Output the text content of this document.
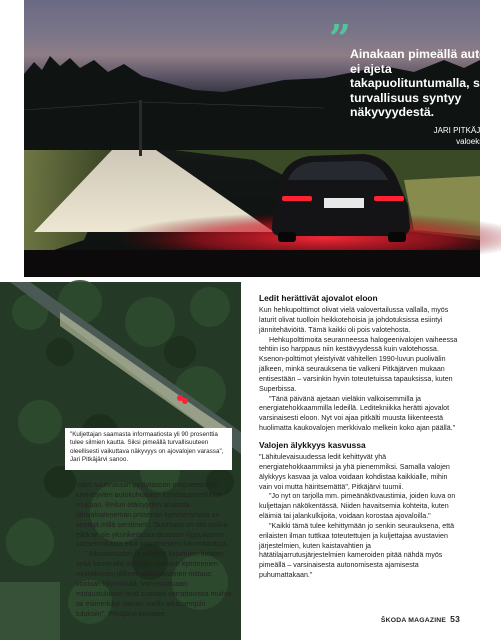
” Ainakaan pimeällä autoa ei ajeta takapuolituntumalla, sillä turvallisuus syntyy näkyvyydestä.

JARI PITKÄJÄRVI,
valoekspertti
"Kuljettajan saamasta informaatiosta yli 90 prosenttia tulee silmien kautta. Siksi pimeällä turvallisuuteen oleellisesti vaikuttava näkyvyys on ajovalojen varassa", Jari Pitkäjärvi sanoo.

Valot suunnataan pystytasoon magneettisesti kiinnittyvien autokohtaisten kohdistusmerkkien mukaan. Reilun etäisyyden ansiosta lähivaloaleneman prosentin kymmenysosa on sentejä millä senttimetri. Suuntaus on siis tarkka eikä se ole yksinkertaisuudessaan riippuvainen valotekniikasta eikä valolähteiden lukumäärästä.

"Aikuasetusten ja valoista kirjattujen tietojen sekä kameralla otettujen useiden kymmenien muistikuvien jälkeen automaattinen mittaus voidaan käynnistää. Valmistuttuaan mittaustulokset ovat suoraan verrattavissa muihin tai esimerkiksi saman mallin aikaisempiin tuloksiin", Pitkäjärvi kuvailee.

Ledit herättivät ajovalot eloon

Kun hehkupolttimot olivat vielä valovertailussa vallalla, myös laturit olivat tuolloin heikkotehoisia ja johdotuksissa esiintyi jännitehäviöitä. Tämä kaikki oli pois valotehosta.

Hehkupolttimoita seuranneessa halogeenivalojen vaiheessa tehtiin iso harppaus niin kestävyydessä kuin valotehossa. Ksenon-polttimot yleistyivät vähitellen 1990-luvun puolivälin jälkeen, minkä seurauksena tie valkeni Pitkäjärven mukaan entisestään – varsinkin hyvin toteutetuissa tapauksissa, kuten Superbissa.

"Tänä päivänä ajetaan vieläkin valkoisemmilla ja energiatehokkaammilla ledeillä. Leditekniikka herätti ajovalot varsinaisesti eloon. Nyt voi ajaa pitkälti muusta liikenteestä huolimatta kaukovalojen merkkivalo melkein koko ajan päällä."

Valojen älykkyys kasvussa

"Lähitulevaisuudessa ledit kehittyvät yhä energiatehokkaammiksi ja yhä pienemmiksi. Samalla valojen älykkyys kasvaa ja valoa voidaan kohdistaa kaikkialle, mihin vain voi mutta häiritsemättä", Pitkäjärvi tuumii.

"Jo nyt on tarjolla mm. pimeänäkövaustimia, joiden kuva on kuljettajan näkökentässä. Niiden havaitsemia kohteita, kuten eläimiä tai jalankulkijoita, voidaan korostaa ajovaloilla."

"Kaikki tämä tulee kehittymään jo senkin seurauksena, että erilaisten ilman tuttkaa toteutettujen ja kuljettajaa avustavien järjestelmien, kuten kaistavahtien ja hätätilajarrutusjärjestelmien kameroiden pitää nähdä myös pimeällä – varsinaisesta autonomisesta ajamisesta puhumattakaan."

ŠKODA MAGAZINE 53
